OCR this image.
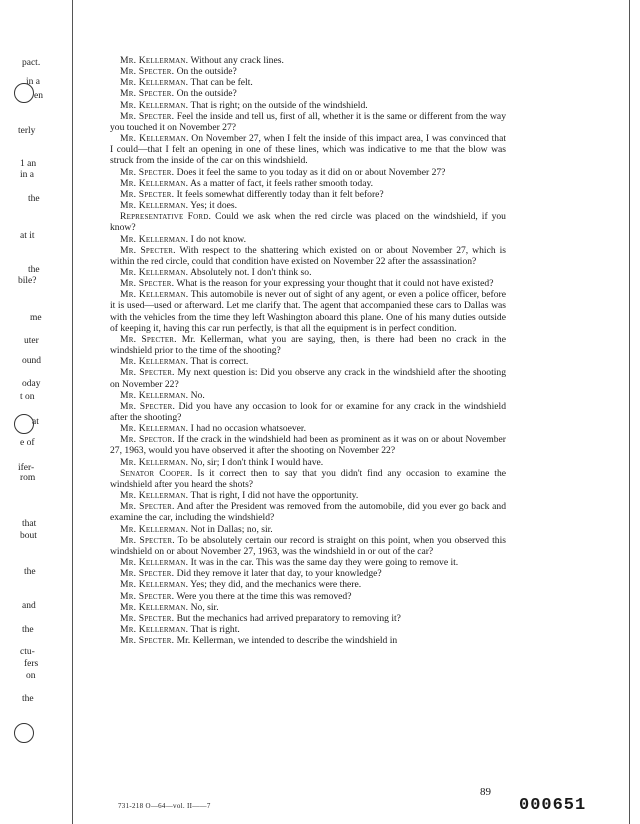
pact.
in a
en
terly
1 an
in a
the
at it
the
bile?
me
uter
ound
oday
t on
at
e of
ifer-
rom
that
bout
the
and
the
ctu-
fers
on
the

Mr. Kellerman. Without any crack lines.

Mr. Specter. On the outside?

Mr. Kellerman. That can be felt.

Mr. Specter. On the outside?

Mr. Kellerman. That is right; on the outside of the windshield.

Mr. Specter. Feel the inside and tell us, first of all, whether it is the same or different from the way you touched it on November 27?

Mr. Kellerman. On November 27, when I felt the inside of this impact area, I was convinced that I could—that I felt an opening in one of these lines, which was indicative to me that the blow was struck from the inside of the car on this windshield.

Mr. Specter. Does it feel the same to you today as it did on or about November 27?

Mr. Kellerman. As a matter of fact, it feels rather smooth today.

Mr. Specter. It feels somewhat differently today than it felt before?

Mr. Kellerman. Yes; it does.

Representative Ford. Could we ask when the red circle was placed on the windshield, if you know?

Mr. Kellerman. I do not know.

Mr. Specter. With respect to the shattering which existed on or about November 27, which is within the red circle, could that condition have existed on November 22 after the assassination?

Mr. Kellerman. Absolutely not. I don't think so.

Mr. Specter. What is the reason for your expressing your thought that it could not have existed?

Mr. Kellerman. This automobile is never out of sight of any agent, or even a police officer, before it is used—used or afterward. Let me clarify that. The agent that accompanied these cars to Dallas was with the vehicles from the time they left Washington aboard this plane. One of his many duties outside of keeping it, having this car run perfectly, is that all the equipment is in perfect condition.

Mr. Specter. Mr. Kellerman, what you are saying, then, is there had been no crack in the windshield prior to the time of the shooting?

Mr. Kellerman. That is correct.

Mr. Specter. My next question is: Did you observe any crack in the windshield after the shooting on November 22?

Mr. Kellerman. No.

Mr. Specter. Did you have any occasion to look for or examine for any crack in the windshield after the shooting?

Mr. Kellerman. I had no occasion whatsoever.

Mr. Spector. If the crack in the windshield had been as prominent as it was on or about November 27, 1963, would you have observed it after the shooting on November 22?

Mr. Kellerman. No, sir; I don't think I would have.

Senator Cooper. Is it correct then to say that you didn't find any occasion to examine the windshield after you heard the shots?

Mr. Kellerman. That is right, I did not have the opportunity.

Mr. Specter. And after the President was removed from the automobile, did you ever go back and examine the car, including the windshield?

Mr. Kellerman. Not in Dallas; no, sir.

Mr. Specter. To be absolutely certain our record is straight on this point, when you observed this windshield on or about November 27, 1963, was the windshield in or out of the car?

Mr. Kellerman. It was in the car. This was the same day they were going to remove it.

Mr. Specter. Did they remove it later that day, to your knowledge?

Mr. Kellerman. Yes; they did, and the mechanics were there.

Mr. Specter. Were you there at the time this was removed?

Mr. Kellerman. No, sir.

Mr. Specter. But the mechanics had arrived preparatory to removing it?

Mr. Kellerman. That is right.

Mr. Specter. Mr. Kellerman, we intended to describe the windshield in

89
731-218 O—64—vol. II——7	000651
